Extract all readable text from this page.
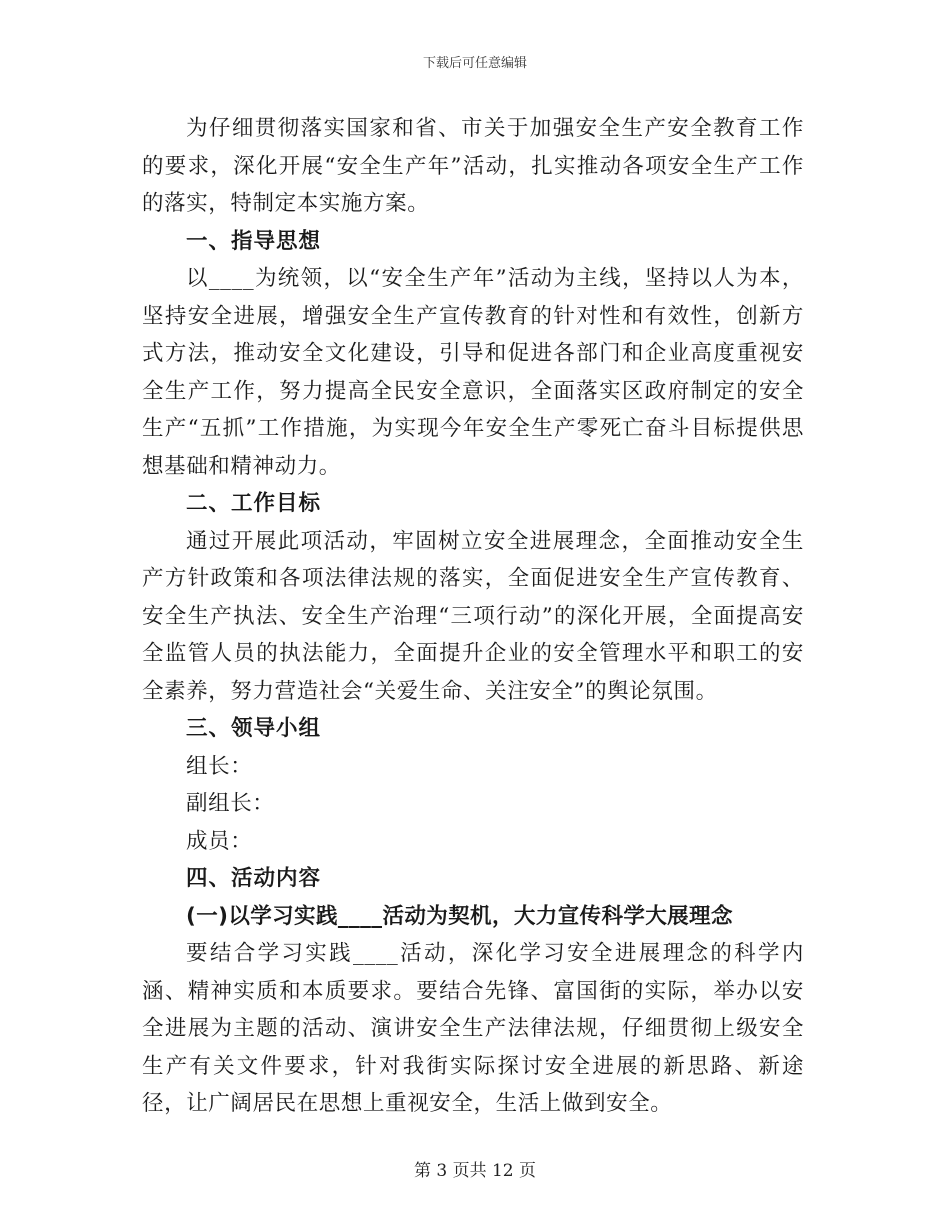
下载后可任意编辑

为仔细贯彻落实国家和省、市关于加强安全生产安全教育工作的要求，深化开展“安全生产年”活动，扎实推动各项安全生产工作的落实，特制定本实施方案。

一、指导思想

以____为统领，以“安全生产年”活动为主线，坚持以人为本，坚持安全进展，增强安全生产宣传教育的针对性和有效性，创新方式方法，推动安全文化建设，引导和促进各部门和企业高度重视安全生产工作，努力提高全民安全意识，全面落实区政府制定的安全生产“五抓”工作措施，为实现今年安全生产零死亡奋斗目标提供思想基础和精神动力。

二、工作目标

通过开展此项活动，牢固树立安全进展理念，全面推动安全生产方针政策和各项法律法规的落实，全面促进安全生产宣传教育、安全生产执法、安全生产治理“三项行动”的深化开展，全面提高安全监管人员的执法能力，全面提升企业的安全管理水平和职工的安全素养，努力营造社会“关爱生命、关注安全”的舆论氛围。

三、领导小组

组长：

副组长：

成员：

四、活动内容

(一)以学习实践____活动为契机，大力宣传科学大展理念

要结合学习实践____活动，深化学习安全进展理念的科学内涵、精神实质和本质要求。要结合先锋、富国街的实际，举办以安全进展为主题的活动、演讲安全生产法律法规，仔细贯彻上级安全生产有关文件要求，针对我街实际探讨安全进展的新思路、新途径，让广阔居民在思想上重视安全，生活上做到安全。

第 3 页共 12 页
